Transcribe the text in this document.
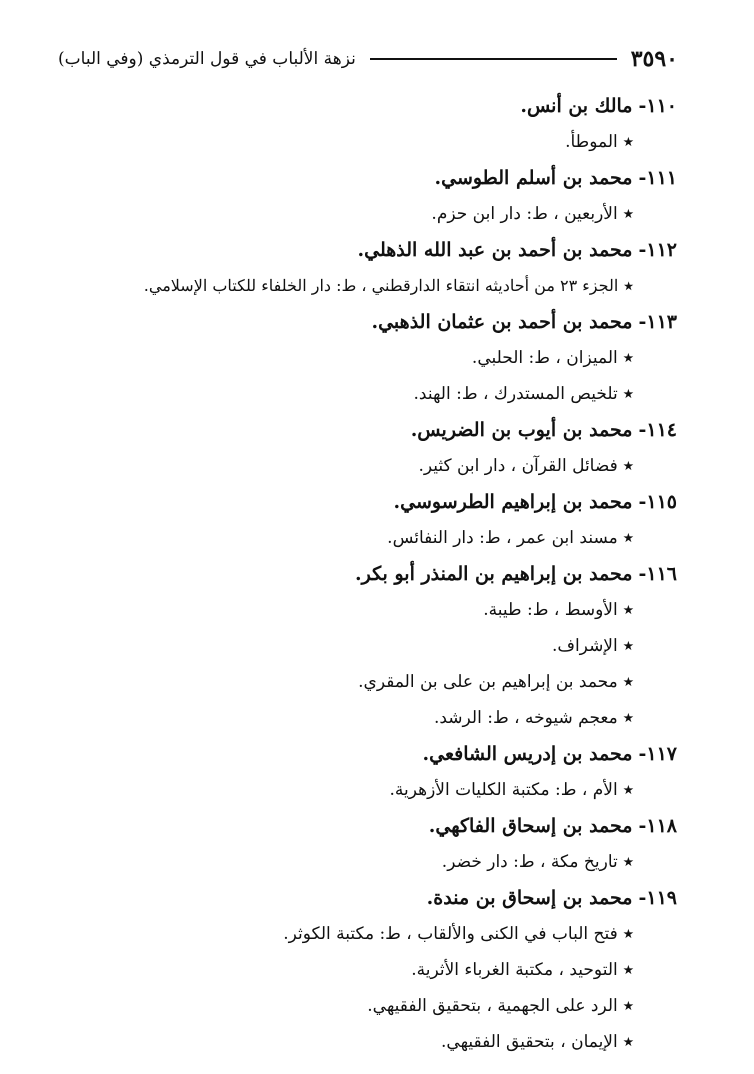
٣٥٩٠
نزهة الألباب في قول الترمذي (وفي الباب)
١١٠-مالك بن أنس.
٭الموطأ.
١١١-محمد بن أسلم الطوسي.
٭الأربعين ، ط: دار ابن حزم.
١١٢-محمد بن أحمد بن عبد الله الذهلي.
٭الجزء ٢٣ من أحاديثه انتقاء الدارقطني ، ط: دار الخلفاء للكتاب الإسلامي.
١١٣-محمد بن أحمد بن عثمان الذهبي.
٭الميزان ، ط: الحلبي.
٭تلخيص المستدرك ، ط: الهند.
١١٤-محمد بن أيوب بن الضريس.
٭فضائل القرآن ، دار ابن كثير.
١١٥-محمد بن إبراهيم الطرسوسي.
٭مسند ابن عمر ، ط: دار النفائس.
١١٦-محمد بن إبراهيم بن المنذر أبو بكر.
٭الأوسط ، ط: طيبة.
٭الإشراف.
٭محمد بن إبراهيم بن على بن المقري.
٭معجم شيوخه ، ط: الرشد.
١١٧-محمد بن إدريس الشافعي.
٭الأم ، ط: مكتبة الكليات الأزهرية.
١١٨-محمد بن إسحاق الفاكهي.
٭تاريخ مكة ، ط: دار خضر.
١١٩-محمد بن إسحاق بن مندة.
٭فتح الباب في الكنى والألقاب ، ط: مكتبة الكوثر.
٭التوحيد ، مكتبة الغرباء الأثرية.
٭الرد على الجهمية ، بتحقيق الفقيهي.
٭الإيمان ، بتحقيق الفقيهي.
